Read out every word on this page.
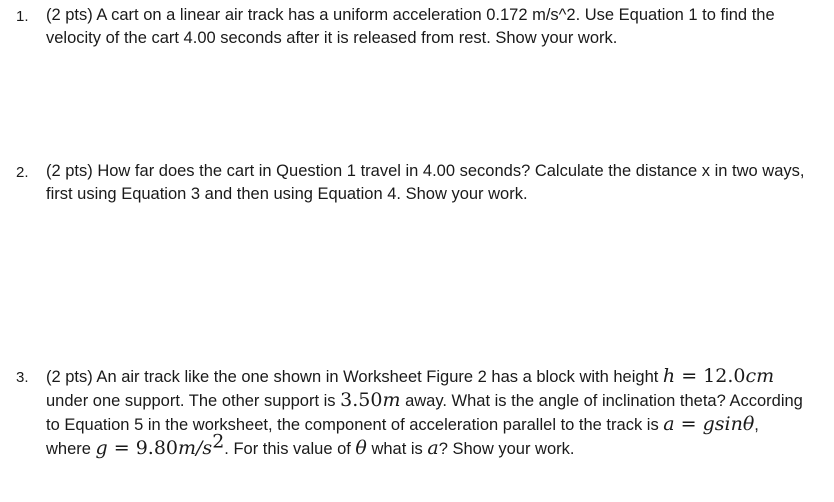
1.	(2 pts) A cart on a linear air track has a uniform acceleration 0.172 m/s^2. Use Equation 1 to find the velocity of the cart 4.00 seconds after it is released from rest. Show your work.
2.	(2 pts) How far does the cart in Question 1 travel in 4.00 seconds? Calculate the distance x in two ways, first using Equation 3 and then using Equation 4. Show your work.
3.	(2 pts) An air track like the one shown in Worksheet Figure 2 has a block with height h = 12.0cm under one support. The other support is 3.50m away. What is the angle of inclination theta? According to Equation 5 in the worksheet, the component of acceleration parallel to the track is a = gsinθ, where $g = 9.80m/s^2$. For this value of θ what is a? Show your work.
